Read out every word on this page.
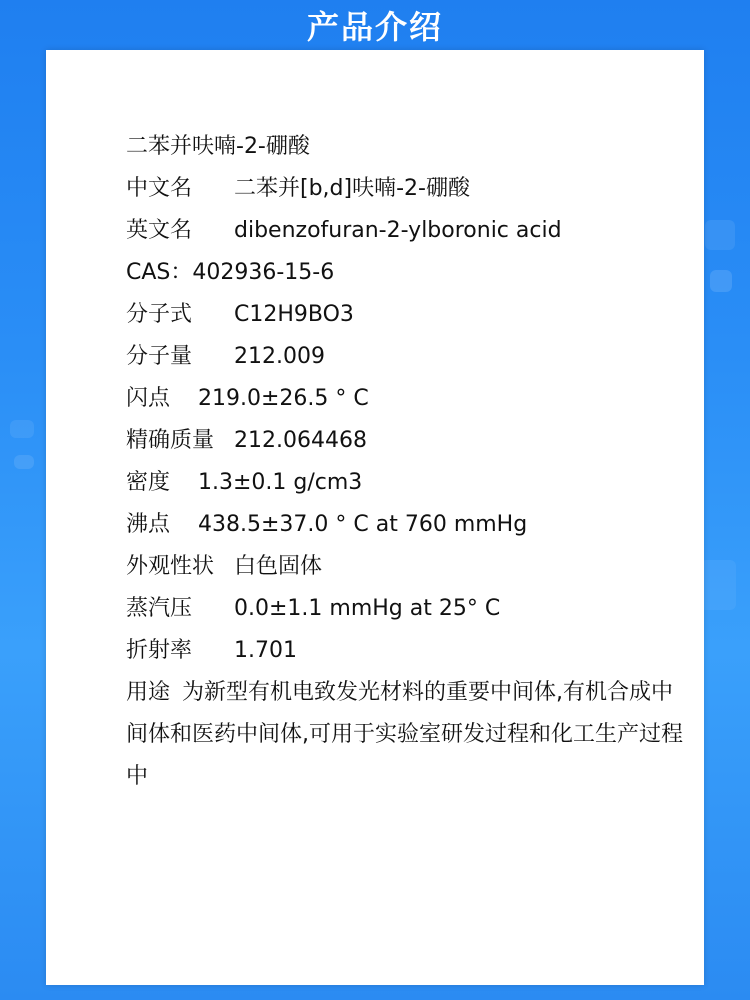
产品介绍
二苯并呋喃-2-硼酸
中文名 二苯并[b,d]呋喃-2-硼酸
英文名 dibenzofuran-2-ylboronic acid
CAS：402936-15-6
分子式 C12H9BO3
分子量 212.009
闪点 219.0±26.5 ° C
精确质量 212.064468
密度 1.3±0.1 g/cm3
沸点 438.5±37.0 ° C at 760 mmHg
外观性状 白色固体
蒸汽压 0.0±1.1 mmHg at 25° C
折射率 1.701
用途 为新型有机电致发光材料的重要中间体,有机合成中间体和医药中间体,可用于实验室研发过程和化工生产过程中
